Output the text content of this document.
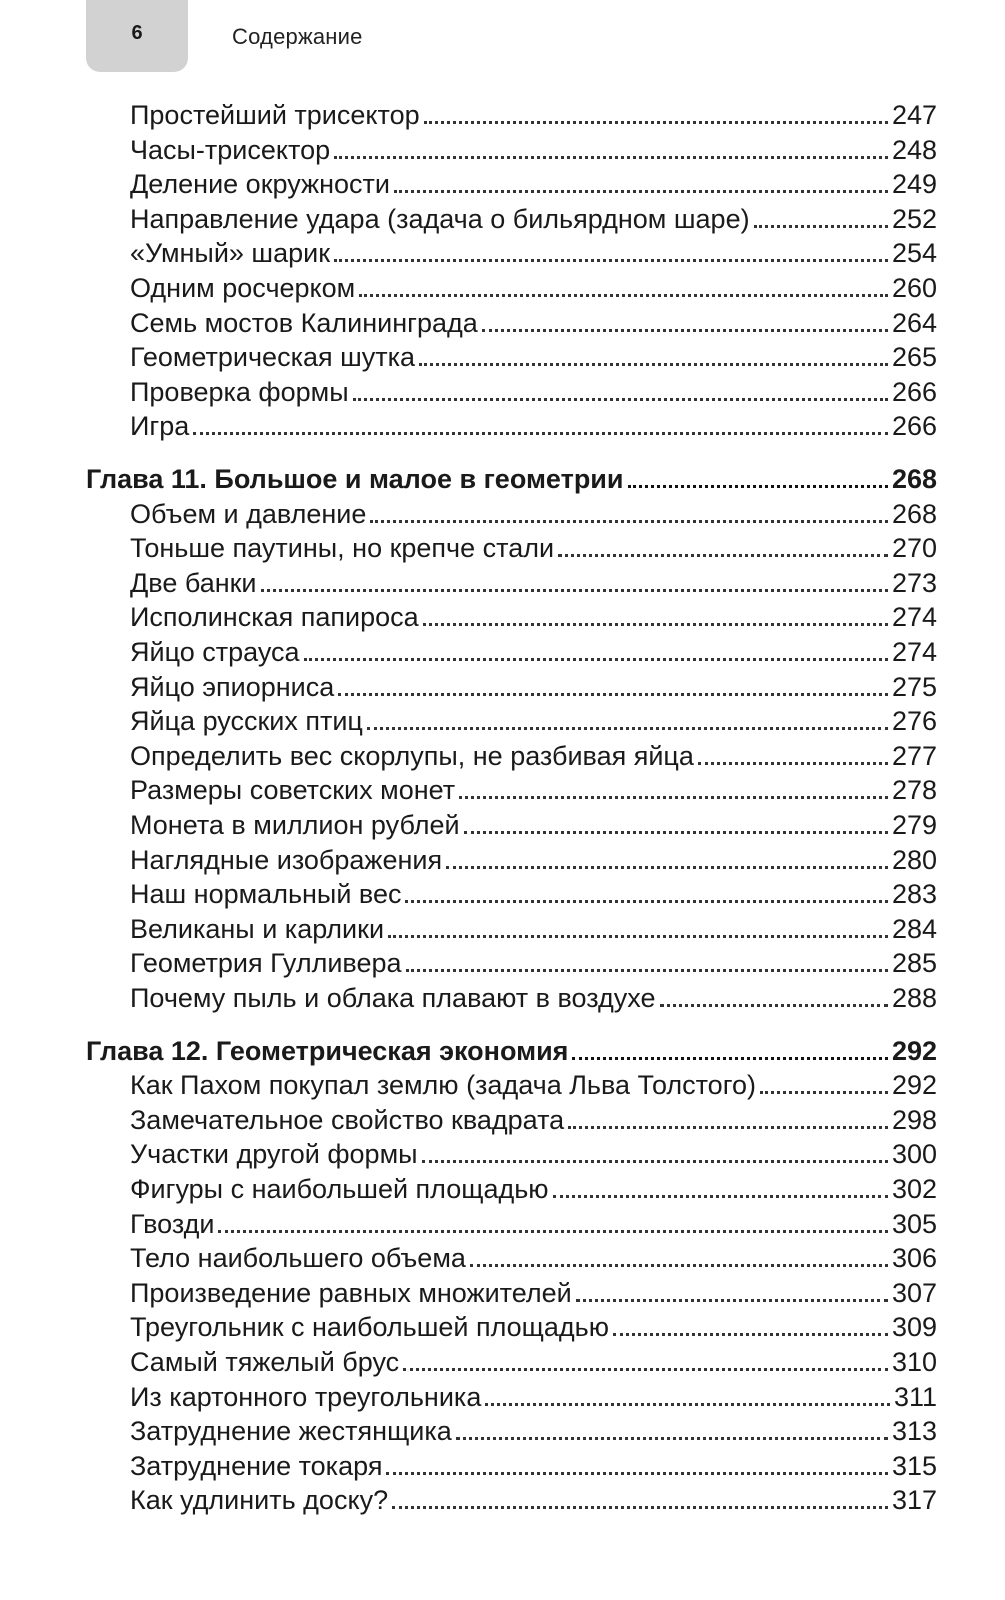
6	Содержание
Простейший трисектор	247
Часы-трисектор	248
Деление окружности	249
Направление удара (задача о бильярдном шаре)	252
«Умный» шарик	254
Одним росчерком	260
Семь мостов Калининграда	264
Геометрическая шутка	265
Проверка формы	266
Игра	266
Глава 11. Большое и малое в геометрии	268
Объем и давление	268
Тоньше паутины, но крепче стали	270
Две банки	273
Исполинская папироса	274
Яйцо страуса	274
Яйцо эпиорниса	275
Яйца русских птиц	276
Определить вес скорлупы, не разбивая яйца	277
Размеры советских монет	278
Монета в миллион рублей	279
Наглядные изображения	280
Наш нормальный вес	283
Великаны и карлики	284
Геометрия Гулливера	285
Почему пыль и облака плавают в воздухе	288
Глава 12. Геометрическая экономия	292
Как Пахом покупал землю (задача Льва Толстого)	292
Замечательное свойство квадрата	298
Участки другой формы	300
Фигуры с наибольшей площадью	302
Гвозди	305
Тело наибольшего объема	306
Произведение равных множителей	307
Треугольник с наибольшей площадью	309
Самый тяжелый брус	310
Из картонного треугольника	311
Затруднение жестянщика	313
Затруднение токаря	315
Как удлинить доску?	317
